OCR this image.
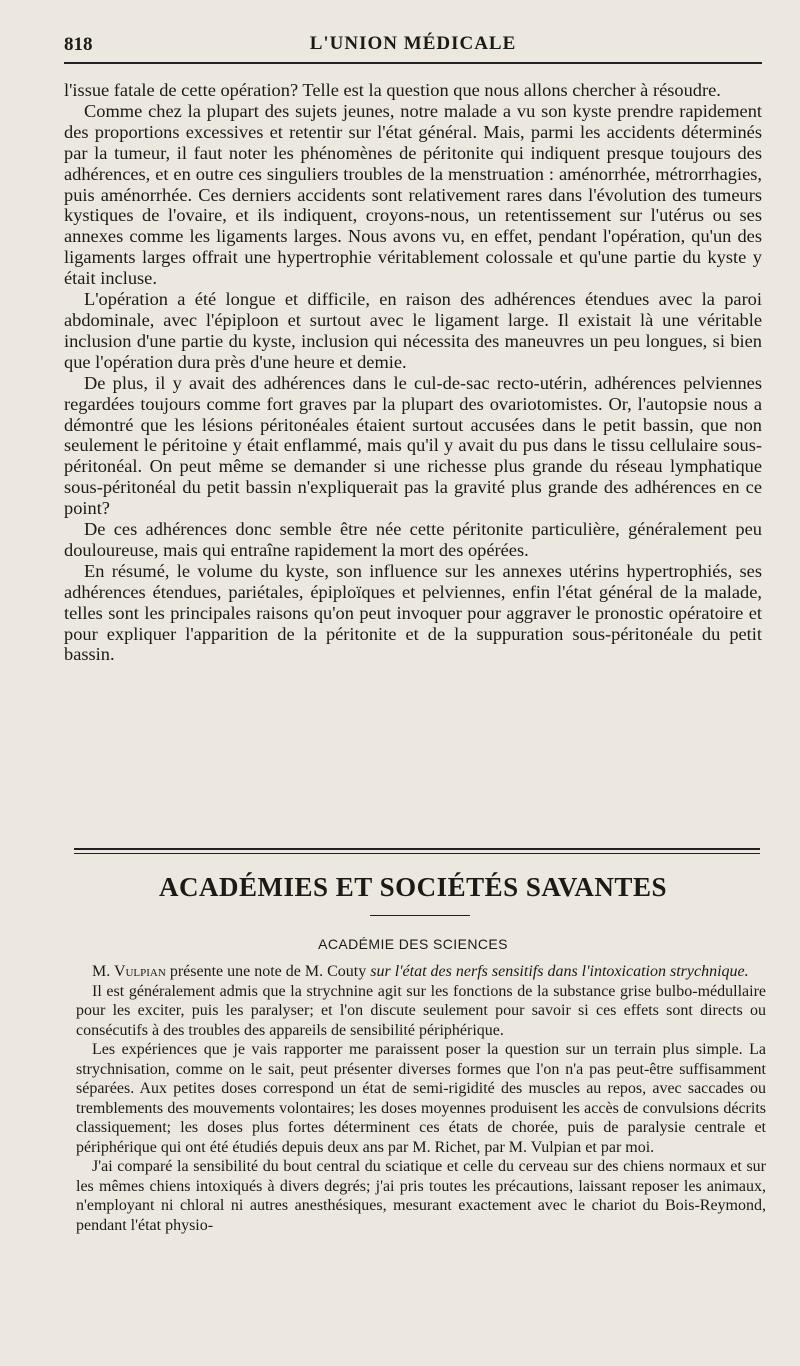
818	L'UNION MÉDICALE

l'issue fatale de cette opération? Telle est la question que nous allons chercher à résoudre.

Comme chez la plupart des sujets jeunes, notre malade a vu son kyste prendre rapidement des proportions excessives et retentir sur l'état général. Mais, parmi les accidents déterminés par la tumeur, il faut noter les phénomènes de péritonite qui indiquent presque toujours des adhérences, et en outre ces singuliers troubles de la menstruation : aménorrhée, métrorrhagies, puis aménorrhée. Ces derniers accidents sont relativement rares dans l'évolution des tumeurs kystiques de l'ovaire, et ils indiquent, croyons-nous, un retentissement sur l'utérus ou ses annexes comme les ligaments larges. Nous avons vu, en effet, pendant l'opération, qu'un des ligaments larges offrait une hypertrophie véritablement colossale et qu'une partie du kyste y était incluse.

L'opération a été longue et difficile, en raison des adhérences étendues avec la paroi abdominale, avec l'épiploon et surtout avec le ligament large. Il existait là une véritable inclusion d'une partie du kyste, inclusion qui nécessita des maneuvres un peu longues, si bien que l'opération dura près d'une heure et demie.

De plus, il y avait des adhérences dans le cul-de-sac recto-utérin, adhérences pelviennes regardées toujours comme fort graves par la plupart des ovariotomistes. Or, l'autopsie nous a démontré que les lésions péritonéales étaient surtout accusées dans le petit bassin, que non seulement le péritoine y était enflammé, mais qu'il y avait du pus dans le tissu cellulaire sous-péritonéal. On peut même se demander si une richesse plus grande du réseau lymphatique sous-péritonéal du petit bassin n'expliquerait pas la gravité plus grande des adhérences en ce point?

De ces adhérences donc semble être née cette péritonite particulière, généralement peu douloureuse, mais qui entraîne rapidement la mort des opérées.

En résumé, le volume du kyste, son influence sur les annexes utérins hypertrophiés, ses adhérences étendues, pariétales, épiploïques et pelviennes, enfin l'état général de la malade, telles sont les principales raisons qu'on peut invoquer pour aggraver le pronostic opératoire et pour expliquer l'apparition de la péritonite et de la suppuration sous-péritonéale du petit bassin.

ACADÉMIES ET SOCIÉTÉS SAVANTES
ACADÉMIE DES SCIENCES

M. Vulpian présente une note de M. Couty sur l'état des nerfs sensitifs dans l'intoxication strychnique.

Il est généralement admis que la strychnine agit sur les fonctions de la substance grise bulbo-médullaire pour les exciter, puis les paralyser; et l'on discute seulement pour savoir si ces effets sont directs ou consécutifs à des troubles des appareils de sensibilité périphérique.

Les expériences que je vais rapporter me paraissent poser la question sur un terrain plus simple. La strychnisation, comme on le sait, peut présenter diverses formes que l'on n'a pas peut-être suffisamment séparées. Aux petites doses correspond un état de semi-rigidité des muscles au repos, avec saccades ou tremblements des mouvements volontaires; les doses moyennes produisent les accès de convulsions décrits classiquement; les doses plus fortes déterminent ces états de chorée, puis de paralysie centrale et périphérique qui ont été étudiés depuis deux ans par M. Richet, par M. Vulpian et par moi.

J'ai comparé la sensibilité du bout central du sciatique et celle du cerveau sur des chiens normaux et sur les mêmes chiens intoxiqués à divers degrés; j'ai pris toutes les précautions, laissant reposer les animaux, n'employant ni chloral ni autres anesthésiques, mesurant exactement avec le chariot du Bois-Reymond, pendant l'état physio-
